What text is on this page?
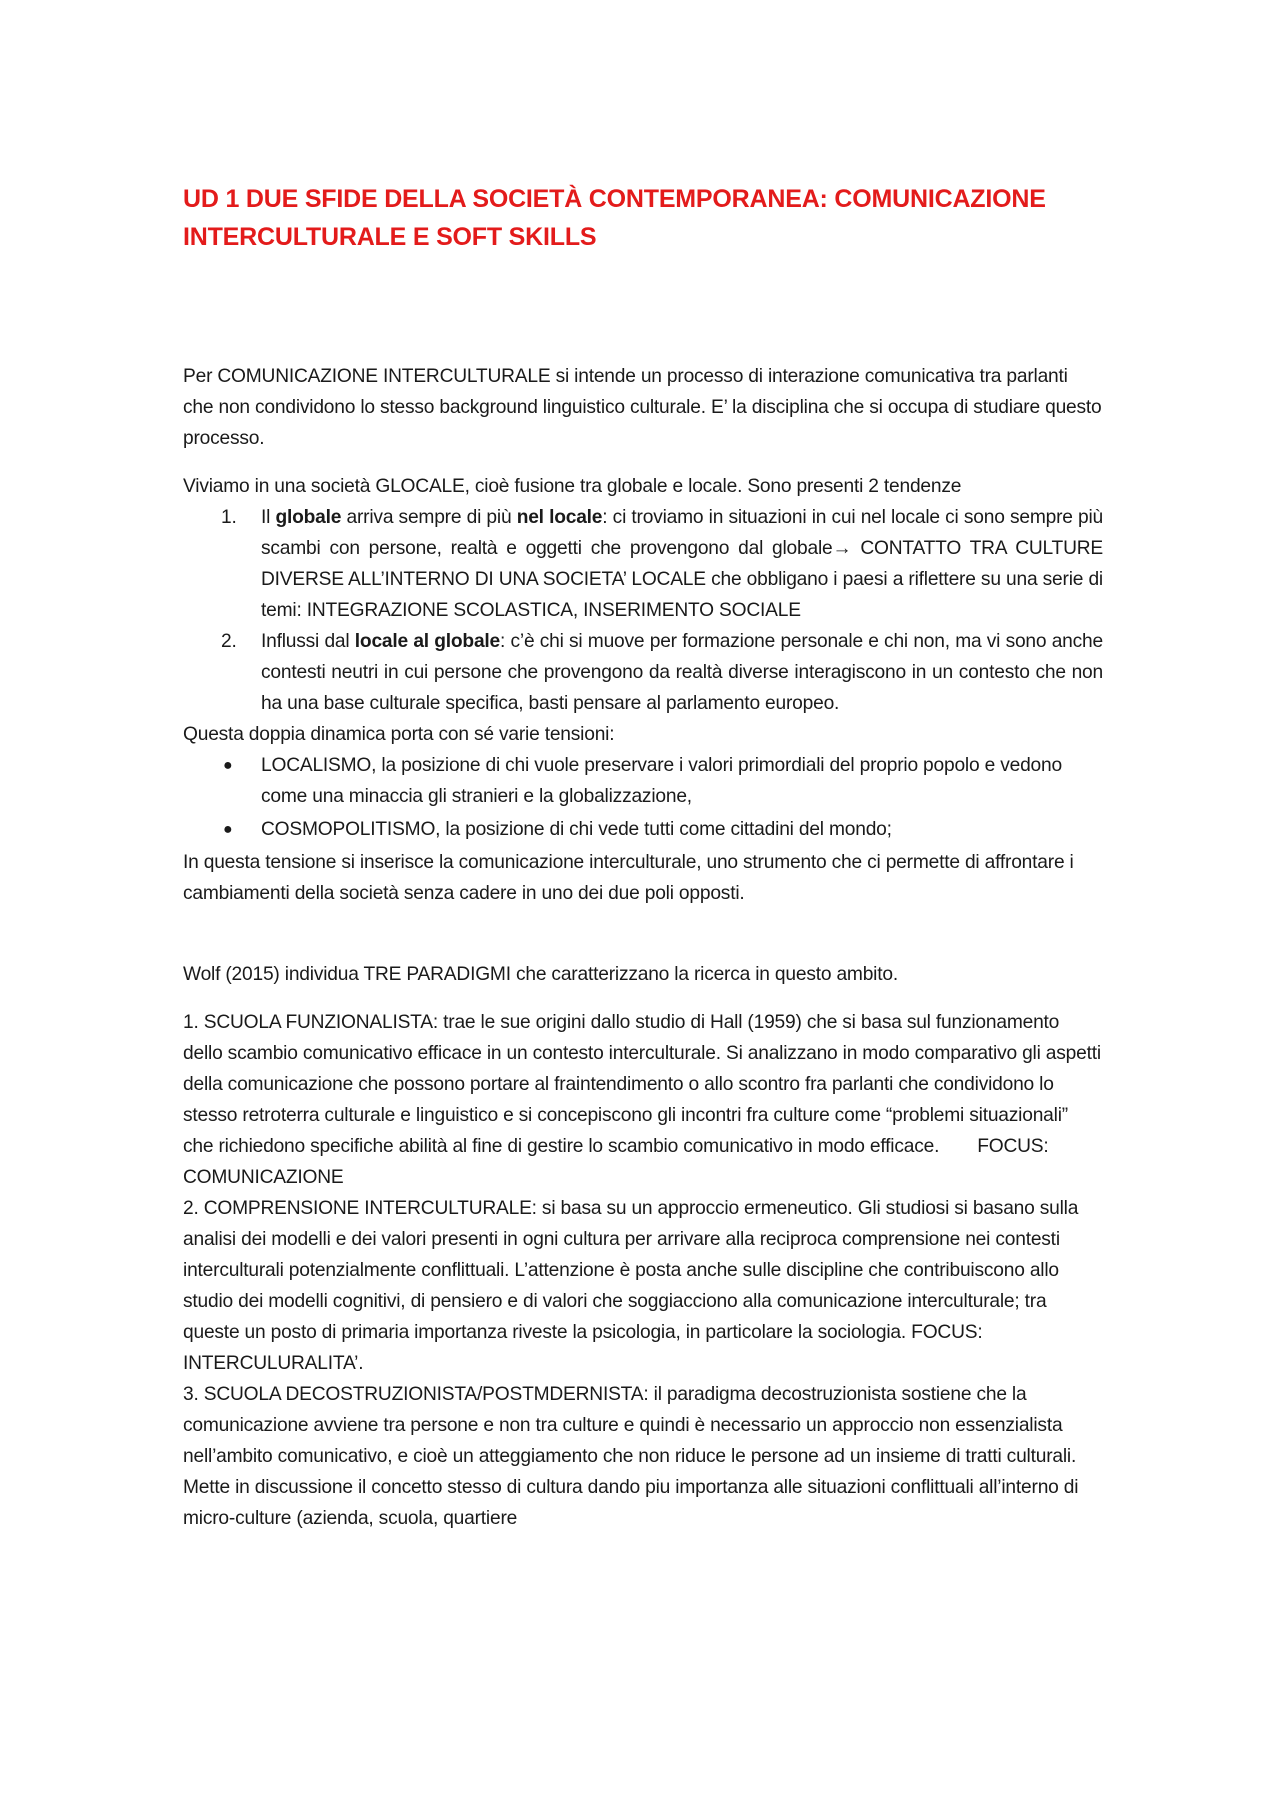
UD 1 DUE SFIDE DELLA SOCIETÀ CONTEMPORANEA: COMUNICAZIONE INTERCULTURALE E SOFT SKILLS

Per COMUNICAZIONE INTERCULTURALE si intende un processo di interazione comunicativa tra parlanti che non condividono lo stesso background linguistico culturale. E’ la disciplina che si occupa di studiare questo processo.

Viviamo in una società GLOCALE, cioè fusione tra globale e locale. Sono presenti 2 tendenze

1. Il globale arriva sempre di più nel locale: ci troviamo in situazioni in cui nel locale ci sono sempre più scambi con persone, realtà e oggetti che provengono dal globale→ CONTATTO TRA CULTURE DIVERSE ALL’INTERNO DI UNA SOCIETA’ LOCALE che obbligano i paesi a riflettere su una serie di temi: INTEGRAZIONE SCOLASTICA, INSERIMENTO SOCIALE
2. Influssi dal locale al globale: c’è chi si muove per formazione personale e chi non, ma vi sono anche contesti neutri in cui persone che provengono da realtà diverse interagiscono in un contesto che non ha una base culturale specifica, basti pensare al parlamento europeo.

Questa doppia dinamica porta con sé varie tensioni:

● LOCALISMO, la posizione di chi vuole preservare i valori primordiali del proprio popolo e vedono come una minaccia gli stranieri e la globalizzazione,
● COSMOPOLITISMO, la posizione di chi vede tutti come cittadini del mondo;

In questa tensione si inserisce la comunicazione interculturale, uno strumento che ci permette di affrontare i cambiamenti della società senza cadere in uno dei due poli opposti.

Wolf (2015) individua TRE PARADIGMI che caratterizzano la ricerca in questo ambito.

1. SCUOLA FUNZIONALISTA: trae le sue origini dallo studio di Hall (1959) che si basa sul funzionamento dello scambio comunicativo efficace in un contesto interculturale. Si analizzano in modo comparativo gli aspetti della comunicazione che possono portare al fraintendimento o allo scontro fra parlanti che condividono lo stesso retroterra culturale e linguistico e si concepiscono gli incontri fra culture come “problemi situazionali” che richiedono specifiche abilità al fine di gestire lo scambio comunicativo in modo efficace. FOCUS: COMUNICAZIONE

2. COMPRENSIONE INTERCULTURALE: si basa su un approccio ermeneutico. Gli studiosi si basano sulla analisi dei modelli e dei valori presenti in ogni cultura per arrivare alla reciproca comprensione nei contesti interculturali potenzialmente conflittuali. L’attenzione è posta anche sulle discipline che contribuiscono allo studio dei modelli cognitivi, di pensiero e di valori che soggiacciono alla comunicazione interculturale; tra queste un posto di primaria importanza riveste la psicologia, in particolare la sociologia. FOCUS: INTERCULURALITA’.

3. SCUOLA DECOSTRUZIONISTA/POSTMDERNISTA: il paradigma decostruzionista sostiene che la comunicazione avviene tra persone e non tra culture e quindi è necessario un approccio non essenzialista nell’ambito comunicativo, e cioè un atteggiamento che non riduce le persone ad un insieme di tratti culturali. Mette in discussione il concetto stesso di cultura dando piu importanza alle situazioni conflittuali all’interno di micro-culture (azienda, scuola, quartiere
